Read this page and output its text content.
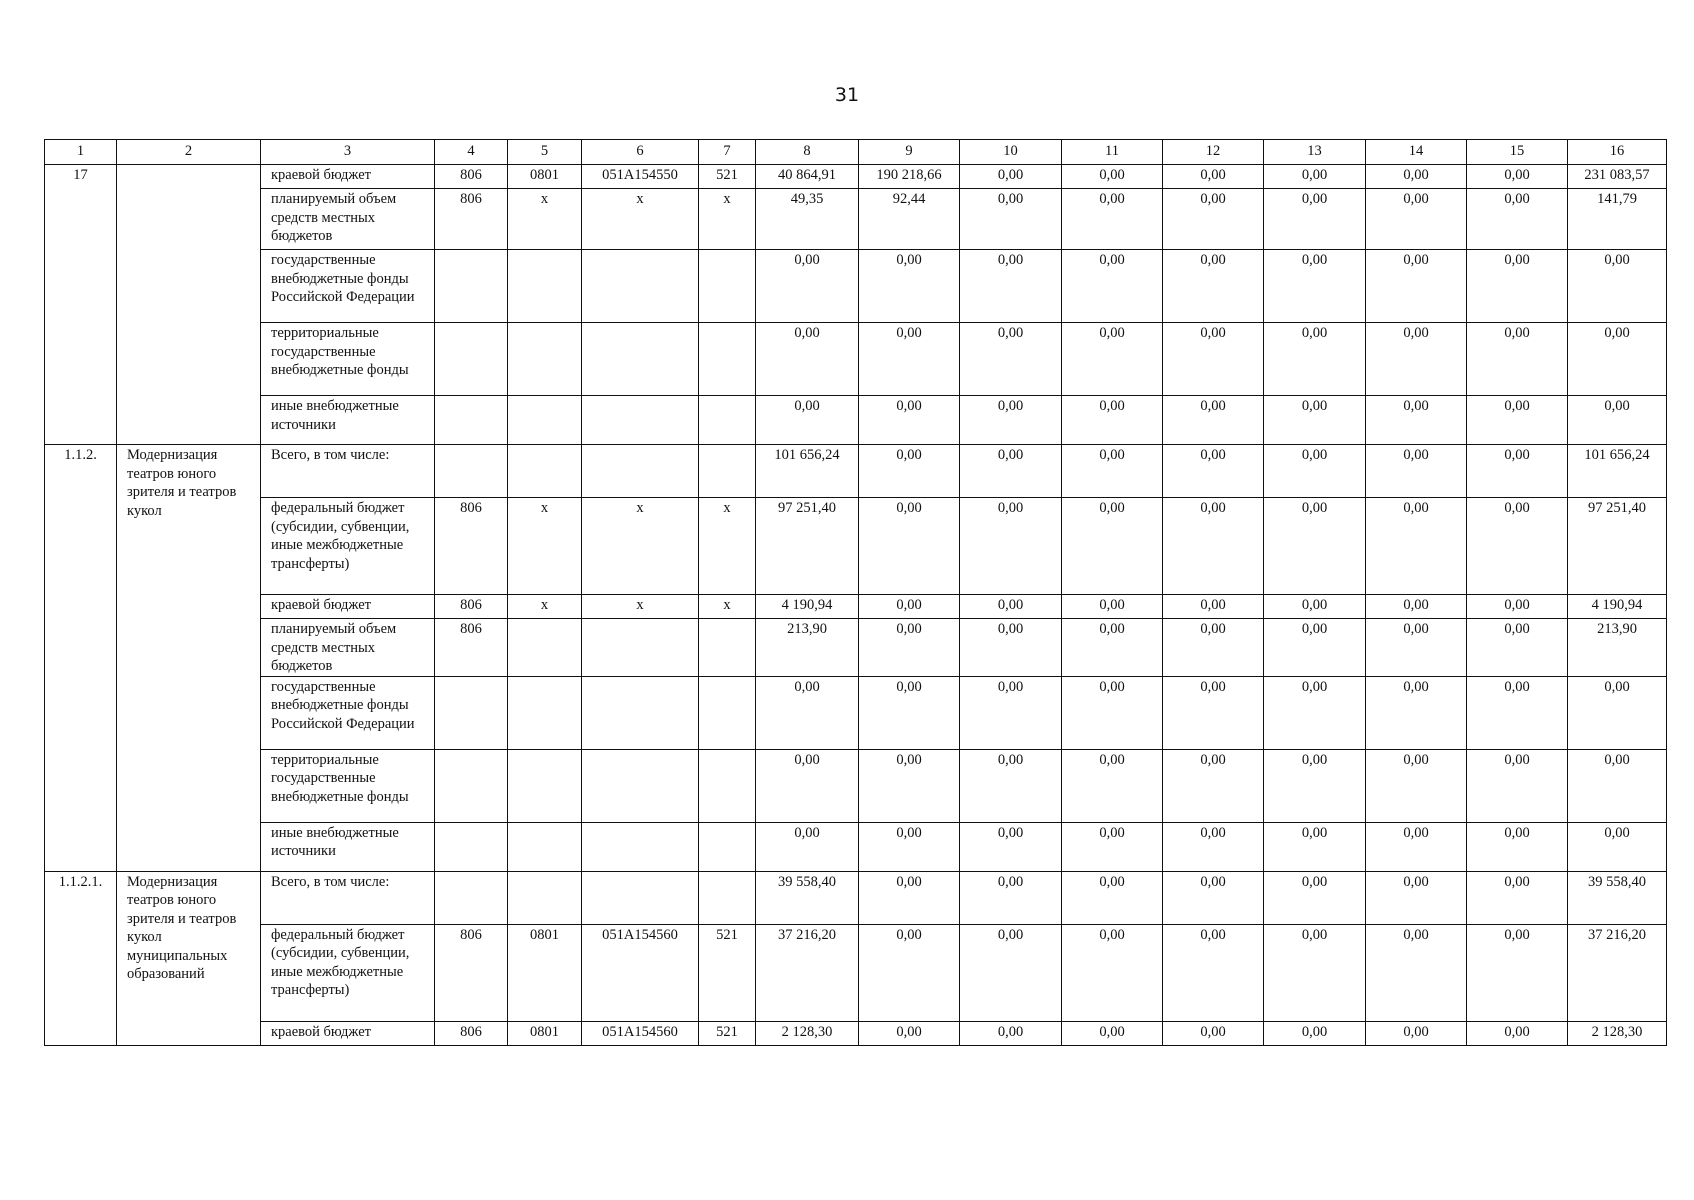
31
1	2	3	4	5	6	7	8	9	10	11	12	13	14	15	16
17		краевой бюджет	806	0801	051A154550	521	40 864,91	190 218,66	0,00	0,00	0,00	0,00	0,00	0,00	231 083,57
		планируемый объем средств местных бюджетов	806	x	x	x	49,35	92,44	0,00	0,00	0,00	0,00	0,00	0,00	141,79
		государственные внебюджетные фонды Российской Федерации					0,00	0,00	0,00	0,00	0,00	0,00	0,00	0,00	0,00
		территориальные государственные внебюджетные фонды					0,00	0,00	0,00	0,00	0,00	0,00	0,00	0,00	0,00
		иные внебюджетные источники					0,00	0,00	0,00	0,00	0,00	0,00	0,00	0,00	0,00
1.1.2.	Модернизация театров юного зрителя и театров кукол	Всего, в том числе:					101 656,24	0,00	0,00	0,00	0,00	0,00	0,00	0,00	101 656,24
		федеральный бюджет (субсидии, субвенции, иные межбюджетные трансферты)	806	x	x	x	97 251,40	0,00	0,00	0,00	0,00	0,00	0,00	0,00	97 251,40
		краевой бюджет	806	x	x	x	4 190,94	0,00	0,00	0,00	0,00	0,00	0,00	0,00	4 190,94
		планируемый объем средств местных бюджетов	806				213,90	0,00	0,00	0,00	0,00	0,00	0,00	0,00	213,90
		государственные внебюджетные фонды Российской Федерации					0,00	0,00	0,00	0,00	0,00	0,00	0,00	0,00	0,00
		территориальные государственные внебюджетные фонды					0,00	0,00	0,00	0,00	0,00	0,00	0,00	0,00	0,00
		иные внебюджетные источники					0,00	0,00	0,00	0,00	0,00	0,00	0,00	0,00	0,00
1.1.2.1.	Модернизация театров юного зрителя и театров кукол муниципальных образований	Всего, в том числе:					39 558,40	0,00	0,00	0,00	0,00	0,00	0,00	0,00	39 558,40
		федеральный бюджет (субсидии, субвенции, иные межбюджетные трансферты)	806	0801	051A154560	521	37 216,20	0,00	0,00	0,00	0,00	0,00	0,00	0,00	37 216,20
		краевой бюджет	806	0801	051A154560	521	2 128,30	0,00	0,00	0,00	0,00	0,00	0,00	0,00	2 128,30
